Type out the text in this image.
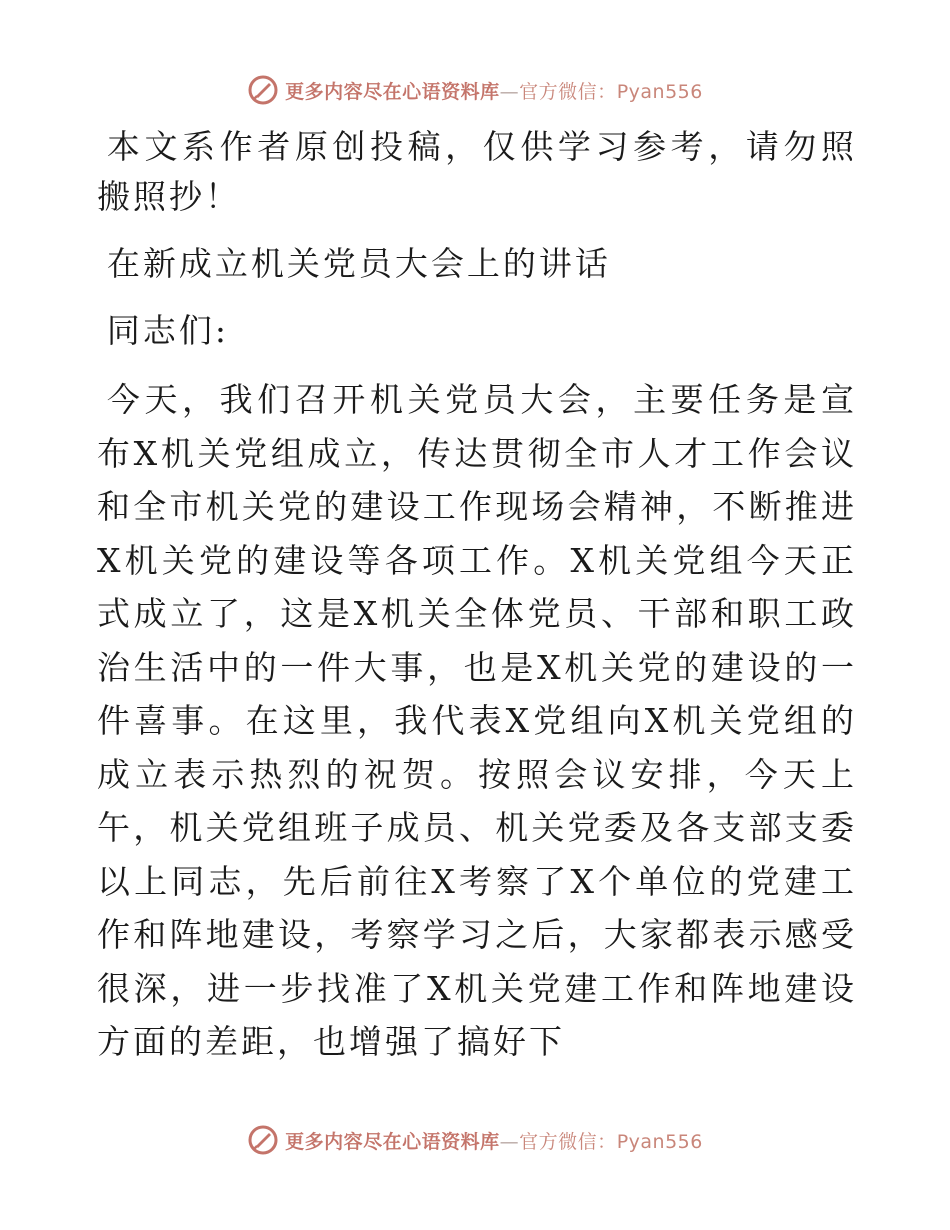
更多内容尽在心语资料库—官方微信：Pyan556

本文系作者原创投稿，仅供学习参考，请勿照搬照抄！

在新成立机关党员大会上的讲话

同志们:

今天，我们召开机关党员大会，主要任务是宣布X机关党组成立，传达贯彻全市人才工作会议和全市机关党的建设工作现场会精神，不断推进X机关党的建设等各项工作。X机关党组今天正式成立了，这是X机关全体党员、干部和职工政治生活中的一件大事，也是X机关党的建设的一件喜事。在这里，我代表X党组向X机关党组的成立表示热烈的祝贺。按照会议安排，今天上午，机关党组班子成员、机关党委及各支部支委以上同志，先后前往X考察了X个单位的党建工作和阵地建设，考察学习之后，大家都表示感受很深，进一步找准了X机关党建工作和阵地建设方面的差距，也增强了搞好下

更多内容尽在心语资料库—官方微信：Pyan556
